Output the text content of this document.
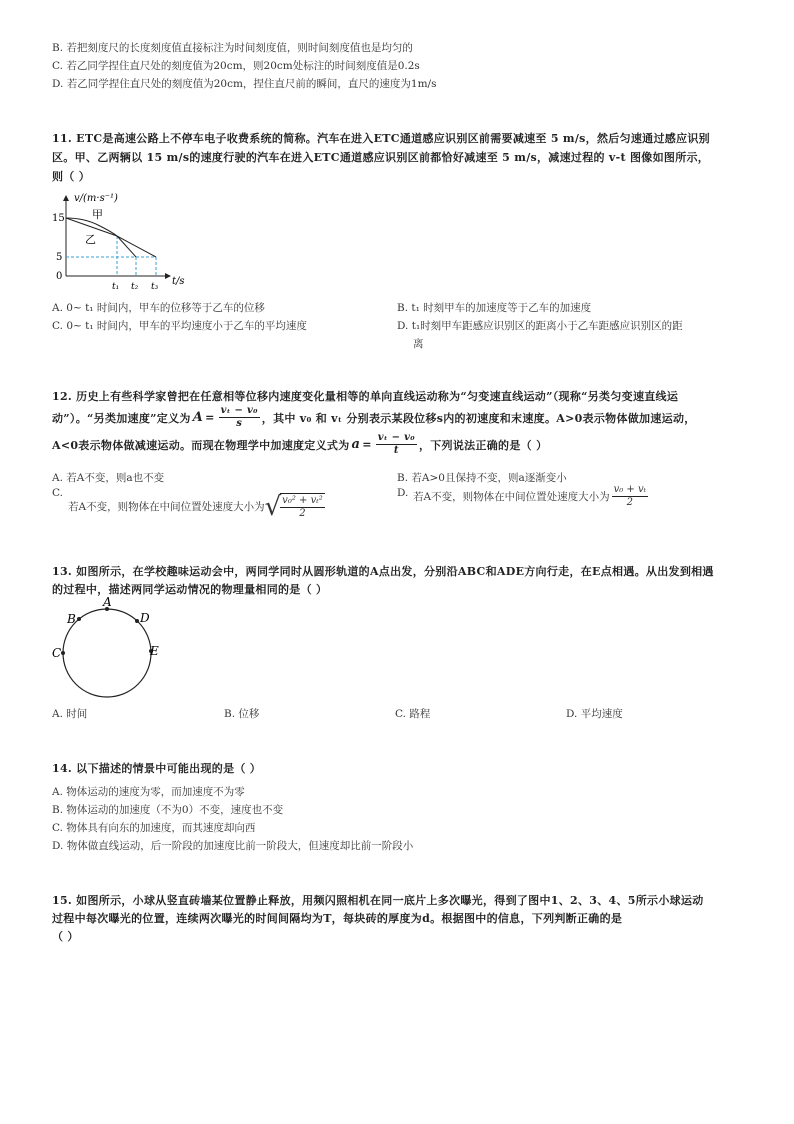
B. 若把刻度尺的长度刻度值直接标注为时间刻度值，则时间刻度值也是均匀的
C. 若乙同学捏住直尺处的刻度值为20cm，则20cm处标注的时间刻度值是0.2s
D. 若乙同学捏住直尺处的刻度值为20cm，捏住直尺前的瞬间，直尺的速度为1m/s
11. ETC是高速公路上不停车电子收费系统的简称。汽车在进入ETC通道感应识别区前需要减速至 5 m/s，然后匀速通过感应识别
区。甲、乙两辆以 15 m/s的速度行驶的汽车在进入ETC通道感应识别区前都恰好减速至 5 m/s，减速过程的 v-t 图像如图所示，
则（ ）
v/(m·s⁻¹)
t/s
15
5
0
甲
乙
t₁ t₂ t₃
A. 0~ t₁ 时间内，甲车的位移等于乙车的位移	B. t₁ 时刻甲车的加速度等于乙车的加速度
C. 0~ t₁ 时间内，甲车的平均速度小于乙车的平均速度	D. t₁时刻甲车距感应识别区的距离小于乙车距感应识别区的距
离
12. 历史上有些科学家曾把在任意相等位移内速度变化量相等的单向直线运动称为“匀变速直线运动”（现称“另类匀变速直线运
动”）。“另类加速度”定义为 $A = \frac{\text{vₜ − v₀}}{s}$ ，其中 v₀ 和 vₜ 分别表示某段位移s内的初速度和末速度。A>0表示物体做加速运动，
A<0表示物体做减速运动。而现在物理学中加速度定义式为 $a = \frac{\text{vₜ − v₀}}{t}$ ，下列说法正确的是（ ）
A. 若A不变，则a也不变	B. 若A>0且保持不变，则a逐渐变小
C.
若A不变，则物体在中间位置处速度大小为 √ $\frac{\text{v₀² + vₜ²}}{2}$	D. 若A不变，则物体在中间位置处速度大小为 $\frac{\text{v₀ + vₜ}}{2}$
13. 如图所示，在学校趣味运动会中，两同学同时从圆形轨道的A点出发，分别沿ABC和ADE方向行走，在E点相遇。从出发到相遇
的过程中，描述两同学运动情况的物理量相同的是（ ）
A
B	D
C	E
A. 时间	B. 位移	C. 路程	D. 平均速度
14. 以下描述的情景中可能出现的是（ ）
A. 物体运动的速度为零，而加速度不为零
B. 物体运动的加速度（不为0）不变，速度也不变
C. 物体具有向东的加速度，而其速度却向西
D. 物体做直线运动，后一阶段的加速度比前一阶段大，但速度却比前一阶段小
15. 如图所示，小球从竖直砖墙某位置静止释放，用频闪照相机在同一底片上多次曝光，得到了图中1、2、3、4、5所示小球运动
过程中每次曝光的位置，连续两次曝光的时间间隔均为T，每块砖的厚度为d。根据图中的信息，下列判断正确的是
（ ）
